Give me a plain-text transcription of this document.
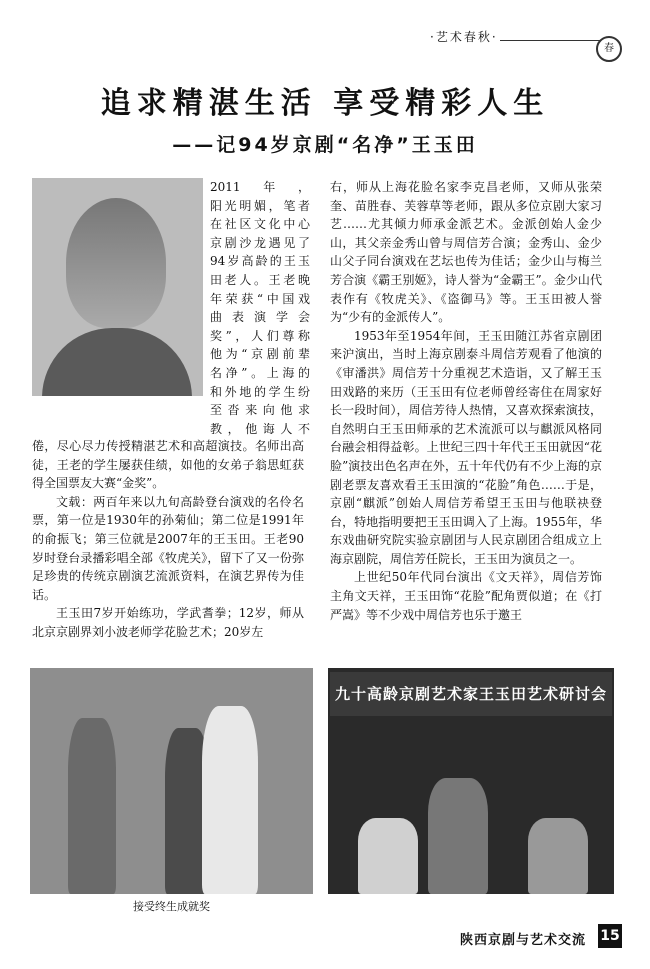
·艺术春秋·
春
追求精湛生活 享受精彩人生
——记94岁京剧“名净”王玉田
2011年，
阳光明媚，笔者
在社区文化中心
京剧沙龙遇见了
94岁高龄的王玉
田老人。王老晚
年荣获“中国戏
曲表演学会
奖”，人们尊称
他为“京剧前辈
名净”。上海的
和外地的学生纷
至沓来向他求
教，他诲人不

倦，尽心尽力传授精湛艺术和高超演技。名师出高徒，王老的学生屡获佳绩，如他的女弟子翁思虹获得全国票友大赛“金奖”。

文载：两百年来以九旬高龄登台演戏的名伶名票，第一位是1930年的孙菊仙；第二位是1991年的俞振飞；第三位就是2007年的王玉田。王老90岁时登台录播彩唱全部《牧虎关》，留下了又一份弥足珍贵的传统京剧演艺流派资料，在演艺界传为佳话。

王玉田7岁开始练功，学武耆拳；12岁，师从北京京剧界刘小波老师学花脸艺术；20岁左

右，师从上海花脸名家李克昌老师，又师从张荣奎、苗胜春、芙蓉草等老师，跟从多位京剧大家习艺……尤其倾力师承金派艺术。金派创始人金少山，其父亲金秀山曾与周信芳合演；金秀山、金少山父子同台演戏在艺坛也传为佳话；金少山与梅兰芳合演《霸王别姬》，诗人誉为“金霸王”。金少山代表作有《牧虎关》、《盗御马》等。王玉田被人誉为“少有的金派传人”。

1953年至1954年间，王玉田随江苏省京剧团来沪演出，当时上海京剧泰斗周信芳观看了他演的《审潘洪》周信芳十分重视艺术造诣，又了解王玉田戏路的来历（王玉田有位老师曾经寄住在周家好长一段时间），周信芳待人热情，又喜欢探索演技，自然明白王玉田师承的艺术流派可以与麒派风格同台融会相得益彰。上世纪三四十年代王玉田就因“花脸”演技出色名声在外，五十年代仍有不少上海的京剧老票友喜欢看王玉田演的“花脸”角色……于是，京剧“麒派”创始人周信芳希望王玉田与他联袂登台，特地指明要把王玉田调入了上海。1955年，华东戏曲研究院实验京剧团与人民京剧团合组成立上海京剧院，周信芳任院长，王玉田为演员之一。

上世纪50年代同台演出《文天祥》，周信芳饰主角文天祥，王玉田饰“花脸”配角贾似道；在《打严嵩》等不少戏中周信芳也乐于邀王

接受终生成就奖
九十高龄京剧艺术家王玉田艺术研讨会
陕西京剧与艺术交流 15
